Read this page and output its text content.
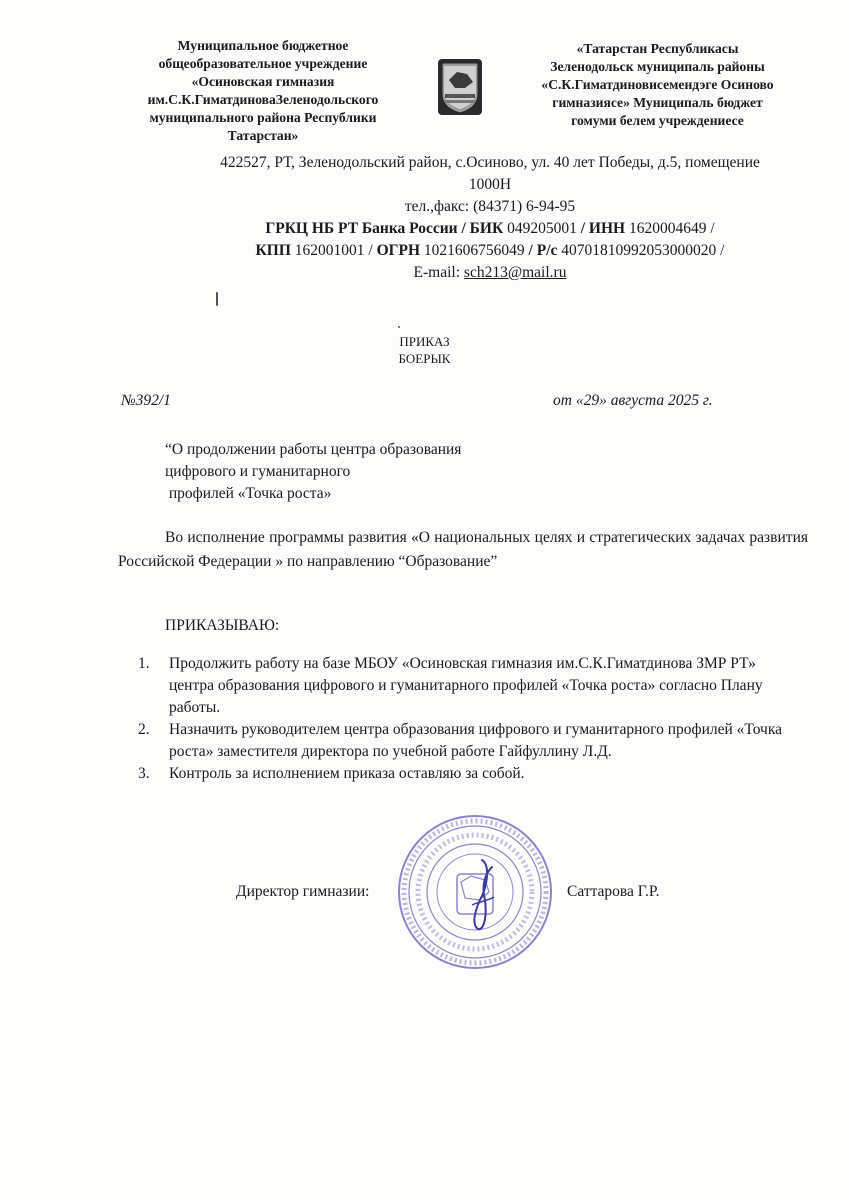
Муниципальное бюджетное
общеобразовательное учреждение
«Осиновская гимназия
им.С.К.ГиматдиноваЗеленодольского
муниципального района Республики
Татарстан»
«Татарстан Республикасы
Зеленодольск муниципаль районы
«С.К.Гиматдиновисемендэге Осиново
гимназиясе» Муниципаль бюджет
гомуми белем учреждениесе
422527, РТ, Зеленодольский район, с.Осиново, ул. 40 лет Победы, д.5, помещение
1000Н
тел.,факс: (84371) 6-94-95
ГРКЦ НБ РТ Банка России / БИК 049205001 / ИНН 1620004649 /
КПП 162001001 / ОГРН 1021606756049 / Р/с 40701810992053000020 /
E-mail: sch213@mail.ru
ПРИКАЗ
БОЕРЫК
№392/1	от «29» августа 2025 г.
“О продолжении работы центра образования
цифрового и гуманитарного
профилей «Точка роста»
Во исполнение программы развития «О национальных целях и стратегических задачах развития Российской Федерации » по направлению “Образование”
ПРИКАЗЫВАЮ:
1. Продолжить работу на базе МБОУ «Осиновская гимназия им.С.К.Гиматдинова ЗМР РТ» центра образования цифрового и гуманитарного профилей «Точка роста» согласно Плану работы.
2. Назначить руководителем центра образования цифрового и гуманитарного профилей «Точка роста» заместителя директора по учебной работе Гайфуллину Л.Д.
3. Контроль за исполнением приказа оставляю за собой.
Директор гимназии:	Саттарова Г.Р.
